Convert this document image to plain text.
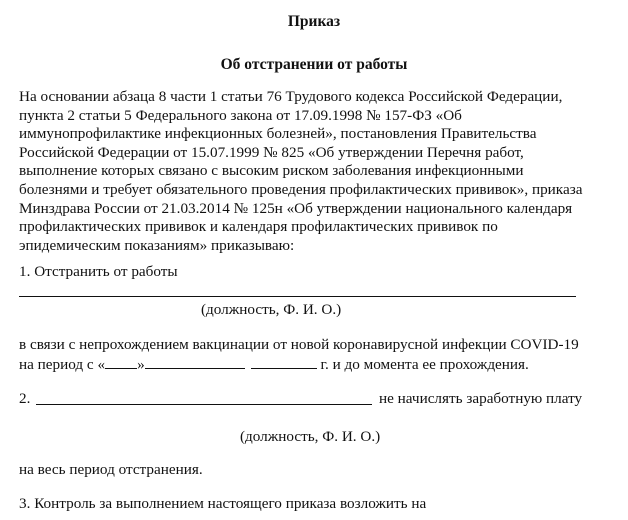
Приказ
Об отстранении от работы
На основании абзаца 8 части 1 статьи 76 Трудового кодекса Российской Федерации,
пункта 2 статьи 5 Федерального закона от 17.09.1998 № 157-ФЗ «Об
иммунопрофилактике инфекционных болезней», постановления Правительства
Российской Федерации от 15.07.1999 № 825 «Об утверждении Перечня работ,
выполнение которых связано с высоким риском заболевания инфекционными
болезнями и требует обязательного проведения профилактических прививок», приказа
Минздрава России от 21.03.2014 № 125н «Об утверждении национального календаря
профилактических прививок и календаря профилактических прививок по
эпидемическим показаниям» приказываю:
1. Отстранить от работы
(должность, Ф. И. О.)
в связи с непрохождением вакцинации от новой коронавирусной инфекции COVID-19
на период с « »	г. и до момента ее прохождения.
2.	не начислять заработную плату
(должность, Ф. И. О.)
на весь период отстранения.
3. Контроль за выполнением настоящего приказа возложить на
